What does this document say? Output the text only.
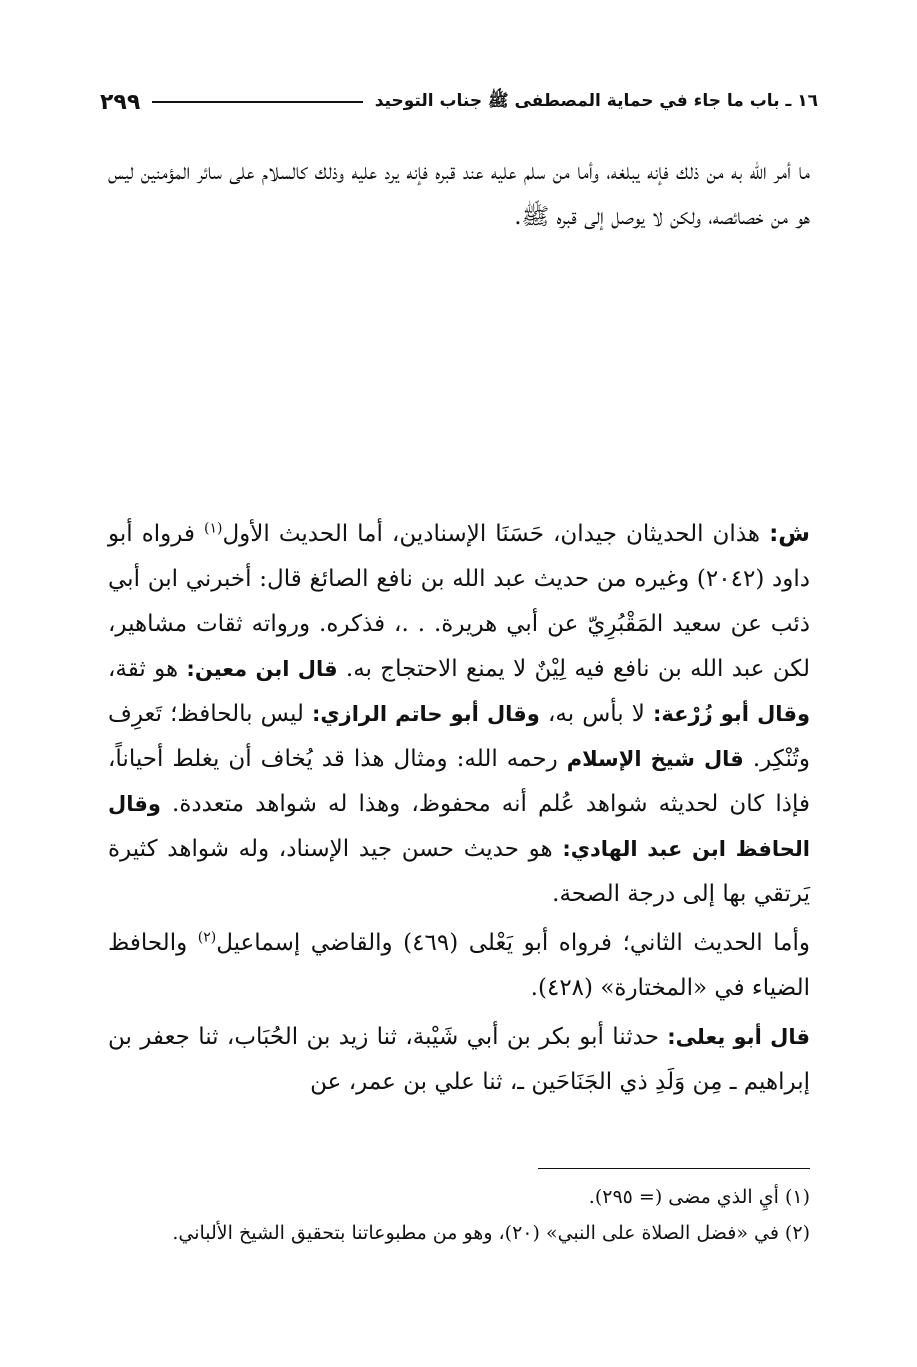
١٦ ـ باب ما جاء في حماية المصطفى ﷺ جناب التوحيد
٢٩٩

ما أمر الله به من ذلك فإنه يبلغه، وأما من سلم عليه عند قبره فإنه يرد عليه وذلك كالسلام على سائر المؤمنين ليس هو من خصائصه، ولكن لا يوصل إلى قبره ﷺ.

ش: هذان الحديثان جيدان، حَسَنَا الإسنادين، أما الحديث الأول$^{(١)}$ فرواه أبو داود (٢٠٤٢) وغيره من حديث عبد الله بن نافع الصائغ قال: أخبرني ابن أبي ذئب عن سعيد المَقْبُرِيّ عن أبي هريرة. . .، فذكره. ورواته ثقات مشاهير، لكن عبد الله بن نافع فيه لِيْنٌ لا يمنع الاحتجاج به. قال ابن معين: هو ثقة، وقال أبو زُرْعة: لا بأس به، وقال أبو حاتم الرازي: ليس بالحافظ؛ تَعرِف وتُنْكِر. قال شيخ الإسلام رحمه الله: ومثال هذا قد يُخاف أن يغلط أحياناً، فإذا كان لحديثه شواهد عُلم أنه محفوظ، وهذا له شواهد متعددة. وقال الحافظ ابن عبد الهادي: هو حديث حسن جيد الإسناد، وله شواهد كثيرة يَرتقي بها إلى درجة الصحة.

وأما الحديث الثاني؛ فرواه أبو يَعْلى (٤٦٩) والقاضي إسماعيل$^{(٢)}$ والحافظ الضياء في «المختارة» (٤٢٨).

قال أبو يعلى: حدثنا أبو بكر بن أبي شَيْبة، ثنا زيد بن الحُبَاب، ثنا جعفر بن إبراهيم ـ مِن وَلَدِ ذي الجَنَاحَين ـ، ثنا علي بن عمر، عن

(١) أيِ الذي مضى (= ٢٩٥).

(٢) في «فضل الصلاة على النبي» (٢٠)، وهو من مطبوعاتنا بتحقيق الشيخ الألباني.
